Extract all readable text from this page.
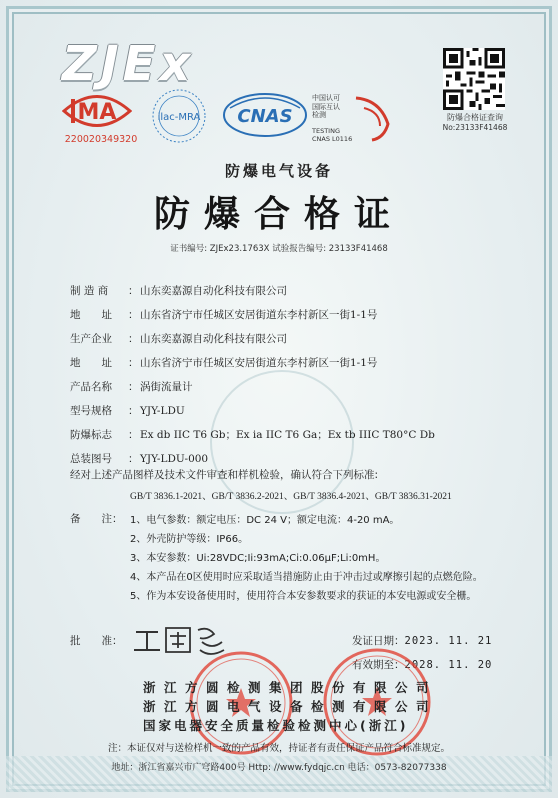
ZJEx
MA
220020349320
ilac-MRA CNAS
中国认可
国际互认
检测
TESTING
CNAS L0116
防爆合格证查询
No:23133F41468
防爆电气设备
防爆合格证
证书编号: ZJEx23.1763X 试验报告编号: 23133F41468
制 造 商 ： 山东奕嘉源自动化科技有限公司
地　　址 ： 山东省济宁市任城区安居街道东李村新区一街1-1号
生产企业 ： 山东奕嘉源自动化科技有限公司
地　　址 ： 山东省济宁市任城区安居街道东李村新区一街1-1号
产品名称 ： 涡街流量计
型号规格 ： YJY-LDU
防爆标志 ： Ex db IIC T6 Gb；Ex ia IIC T6 Ga；Ex tb IIIC T80°C Db
总装图号 ： YJY-LDU-000
经对上述产品图样及技术文件审查和样机检验，确认符合下列标准:
GB/T 3836.1-2021、GB/T 3836.2-2021、GB/T 3836.4-2021、GB/T 3836.31-2021
备　　注： 1、电气参数：额定电压：DC 24 V；额定电流：4-20 mA。
2、外壳防护等级：IP66。
3、本安参数：Ui:28VDC;Ii:93mA;Ci:0.06μF;Li:0mH。
4、本产品在0区使用时应采取适当措施防止由于冲击过或摩擦引起的点燃危险。
5、作为本安设备使用时，使用符合本安参数要求的获证的本安电源或安全栅。
批　　准：	发证日期：2023. 11. 21
有效期至：2028. 11. 20
浙江方圆检测集团股份有限公司
浙江方圆电气设备检测有限公司
国家电器安全质量检验检测中心(浙江)
注：本证仅对与送检样机一致的产品有效，持证者有责任保证产品符合标准规定。
地址：浙江省嘉兴市广穹路400号 Http: //www.fydqjc.cn 电话：0573-82077338
